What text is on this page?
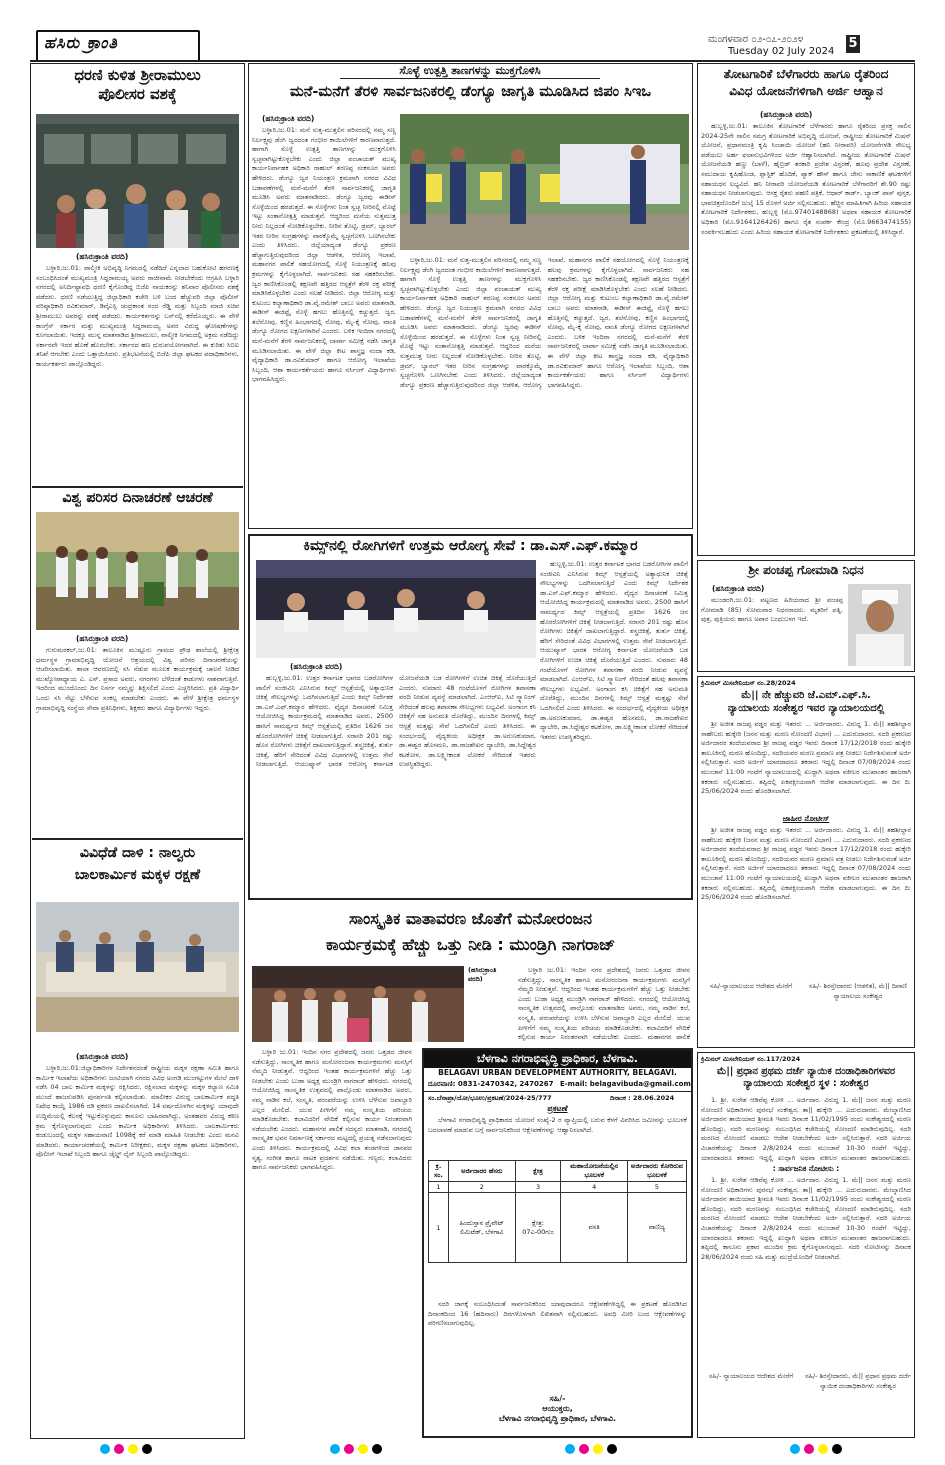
ಹಸಿರು ಕ್ರಾಂತಿ	ಮಂಗಳವಾರ ೦೨-೦೭-೨೦೨೪
Tuesday 02 July 2024
5
ಧರಣಿ ಕುಳಿತ ಶ್ರೀರಾಮುಲು
ಪೊಲೀಸರ ವಶಕ್ಕೆ
(ಹಸಿರುಕ್ರಾಂತಿ ವರದಿ)

ಬಳ್ಳಾರಿ,ಜು.01: ವಾಲ್ಮೀಕಿ ಅಭಿವೃದ್ಧಿ ನಿಗಮದಲ್ಲಿ ನಡೆದಿದೆ ಎನ್ನಲಾದ ಬಹುಕೋಟಿ ಹಗರಣಕ್ಕೆ ಸಂಬಂಧಿಸಿದಂತೆ ಮುಖ್ಯಮಂತ್ರಿ ಸಿದ್ದರಾಮಯ್ಯ ಅವರು ರಾಜೀನಾಮೆ ನೀಡಬೇಕೆಂದು ಆಗ್ರಹಿಸಿ ಬಳ್ಳಾರಿ ನಗರದಲ್ಲಿ ಅನಿರ್ದಿಷ್ಟಾವಧಿ ಧರಣಿ ಕೈಗೊಂಡಿದ್ದ ಬಿಜೆಪಿ ನಾಯಕರನ್ನು ಶನಿವಾರ ಪೊಲೀಸರು ವಶಕ್ಕೆ ಪಡೆದರು. ಧರಣಿ ನಡೆಯುತ್ತಿದ್ದ ಜಿಲ್ಲಾಧಿಕಾರಿ ಕಚೇರಿ ಬಳಿ ಬಂದ ಹೆಚ್ಚುವರಿ ಜಿಲ್ಲಾ ಪೊಲೀಸ್ ವರಿಷ್ಠಾಧಿಕಾರಿ ರವಿಕುಮಾರ್, ಡಿವೈಎಸ್ಪಿ ಚಂದ್ರಕಾಂತ ನಂದ ರೆಡ್ಡಿ ಮತ್ತು ಸಿಬ್ಬಂದಿ ಮಾಜಿ ಸಚಿವ ಶ್ರೀರಾಮುಲು ಅವರನ್ನು ವಶಕ್ಕೆ ಪಡೆದರು. ಕಾರ್ಯಕರ್ತರನ್ನು ಬಸ್‌ನಲ್ಲಿ ಕರೆದೊಯ್ದರು. ಈ ವೇಳೆ ಕಾಂಗ್ರೆಸ್ ಸರ್ಕಾರ ಮತ್ತು ಮುಖ್ಯಮಂತ್ರಿ ಸಿದ್ದರಾಮಯ್ಯ ಅವರ ವಿರುದ್ಧ ಘೋಷಣೆಗಳನ್ನು ಕೂಗಲಾಯಿತು. ಇದಕ್ಕೂ ಮುನ್ನ ಮಾತನಾಡಿದ ಶ್ರೀರಾಮುಲು, ವಾಲ್ಮೀಕಿ ನಿಗಮದಲ್ಲಿ ಅಕ್ರಮ ನಡೆದಿದ್ದು ಸರ್ಕಾರವೇ ಇದರ ಹೊಣೆ ಹೊರಬೇಕು. ಸರ್ಕಾರದ ಹಣ ದುರುಪಯೋಗವಾಗಿದೆ. ಈ ಕುರಿತು ಸಿಬಿಐ ತನಿಖೆ ಆಗಬೇಕು ಎಂದು ಒತ್ತಾಯಿಸಿದರು. ಪ್ರತಿಭಟನೆಯಲ್ಲಿ ಬಿಜೆಪಿ ಜಿಲ್ಲಾ ಘಟಕದ ಪದಾಧಿಕಾರಿಗಳು, ಕಾರ್ಯಕರ್ತರು ಪಾಲ್ಗೊಂಡಿದ್ದರು.

ವಿಶ್ವ ಪರಿಸರ ದಿನಾಚರಣೆ ಆಚರಣೆ
(ಹಸಿರುಕ್ರಾಂತಿ ವರದಿ)

ಗುರುಮಠಕಲ್,ಜು.01: ತಾಲೂಕಿನ ಮುಷ್ಟೂರು ಗ್ರಾಮದ ಪ್ರೌಢ ಶಾಲೆಯಲ್ಲಿ ಶ್ರೀಕ್ಷೇತ್ರ ಧರ್ಮಸ್ಥಳ ಗ್ರಾಮಾಭಿವೃದ್ಧಿ ಯೋಜನೆ ಆಶ್ರಯದಲ್ಲಿ ವಿಶ್ವ ಪರಿಸರ ದಿನಾಚರಣೆಯನ್ನು ಆಚರಿಸಲಾಯಿತು. ಶಾಲಾ ಆವರಣದಲ್ಲಿ ಸಸಿ ನೆಡುವ ಮೂಲಕ ಕಾರ್ಯಕ್ರಮಕ್ಕೆ ಚಾಲನೆ ನೀಡಿದ ಮುಖ್ಯೋಪಾಧ್ಯಾಯ ಎ. ಎಸ್. ಪ್ರಸಾದ ಅವರು, ನಗರಗಳು ಬೆಳೆದಂತೆ ಕಾಡುಗಳು ನಾಶವಾಗುತ್ತಿವೆ. ಇದರಿಂದ ಮುಂದೊಂದು ದಿನ ನಿಸರ್ಗ ನಮ್ಮನ್ನು ಶಿಕ್ಷಿಸಲಿದೆ ಎಂದು ಎಚ್ಚರಿಸಿದರು. ಪ್ರತಿ ವಿದ್ಯಾರ್ಥಿ ಒಂದು ಸಸಿ ನೆಟ್ಟು ಬೆಳೆಸುವ ಸಂಕಲ್ಪ ಮಾಡಬೇಕು ಎಂದರು. ಈ ವೇಳೆ ಶ್ರೀಕ್ಷೇತ್ರ ಧರ್ಮಸ್ಥಳ ಗ್ರಾಮಾಭಿವೃದ್ಧಿ ಸಂಸ್ಥೆಯ ಸೇವಾ ಪ್ರತಿನಿಧಿಗಳು, ಶಿಕ್ಷಕರು ಹಾಗೂ ವಿದ್ಯಾರ್ಥಿಗಳು ಇದ್ದರು.

ವಿವಿಧೆಡೆ ದಾಳಿ : ನಾಲ್ವರು
ಬಾಲಕಾರ್ಮಿಕ ಮಕ್ಕಳ ರಕ್ಷಣೆ
(ಹಸಿರುಕ್ರಾಂತಿ ವರದಿ)

ಬಳ್ಳಾರಿ,ಜು.01:ಜಿಲ್ಲಾಧಿಕಾರಿಗಳ ನಿರ್ದೇಶನದಂತೆ ರಾಷ್ಟ್ರೀಯ ಮಕ್ಕಳ ರಕ್ಷಣಾ ಸಮಿತಿ ಹಾಗೂ ಕಾರ್ಮಿಕ ಇಲಾಖೆಯ ಅಧಿಕಾರಿಗಳು ಜಂಟಿಯಾಗಿ ನಗರದ ವಿವಿಧ ಅಂಗಡಿ ಮುಂಗಟ್ಟುಗಳ ಮೇಲೆ ದಾಳಿ ನಡೆಸಿ 04 ಬಾಲ ಕಾರ್ಮಿಕ ಮಕ್ಕಳನ್ನು ರಕ್ಷಿಸಿದರು. ರಕ್ಷಿಸಲಾದ ಮಕ್ಕಳನ್ನು ಮಕ್ಕಳ ಕಲ್ಯಾಣ ಸಮಿತಿ ಮುಂದೆ ಹಾಜರುಪಡಿಸಿ ಪುನರ್ವಸತಿ ಕಲ್ಪಿಸಲಾಯಿತು. ಮಾಲೀಕರ ವಿರುದ್ಧ ಬಾಲಕಾರ್ಮಿಕ ಪದ್ಧತಿ ನಿಷೇಧ ಕಾಯ್ದೆ 1986 ರಡಿ ಪ್ರಕರಣ ದಾಖಲಿಸಲಾಗಿದೆ. 14 ವರ್ಷದೊಳಗಿನ ಮಕ್ಕಳನ್ನು ಯಾವುದೇ ಉದ್ದಿಮೆಯಲ್ಲಿ ಕೆಲಸಕ್ಕೆ ಇಟ್ಟುಕೊಳ್ಳುವುದು ಕಾನೂನು ಬಾಹಿರವಾಗಿದ್ದು, ಅಂತಹವರ ವಿರುದ್ಧ ಕಠಿಣ ಕ್ರಮ ಕೈಗೊಳ್ಳಲಾಗುವುದು ಎಂದು ಕಾರ್ಮಿಕ ಅಧಿಕಾರಿಗಳು ತಿಳಿಸಿದರು. ಬಾಲಕಾರ್ಮಿಕರು ಕಂಡುಬಂದಲ್ಲಿ ಮಕ್ಕಳ ಸಹಾಯವಾಣಿ 1098ಕ್ಕೆ ಕರೆ ಮಾಡಿ ಮಾಹಿತಿ ನೀಡಬೇಕು ಎಂದು ಮನವಿ ಮಾಡಿದರು. ಕಾರ್ಯಾಚರಣೆಯಲ್ಲಿ ಕಾರ್ಮಿಕ ನಿರೀಕ್ಷಕರು, ಮಕ್ಕಳ ರಕ್ಷಣಾ ಘಟಕದ ಅಧಿಕಾರಿಗಳು, ಪೊಲೀಸ್ ಇಲಾಖೆ ಸಿಬ್ಬಂದಿ ಹಾಗೂ ಚೈಲ್ಡ್ ಲೈನ್ ಸಿಬ್ಬಂದಿ ಪಾಲ್ಗೊಂಡಿದ್ದರು.

ಸೊಳ್ಳೆ ಉತ್ಪತ್ತಿ ತಾಣಗಳನ್ನು ಮುಕ್ತಗೊಳಿಸಿ
ಮನೆ-ಮನೆಗೆ ತೆರಳಿ ಸಾರ್ವಜನಿಕರಲ್ಲಿ ಡೆಂಗ್ಯೂ ಜಾಗೃತಿ ಮೂಡಿಸಿದ ಜಿಪಂ ಸಿಇಒ
(ಹಸಿರುಕ್ರಾಂತಿ ವರದಿ)

ಬಳ್ಳಾರಿ,ಜು.01: ಮನೆ ಸುತ್ತ-ಮುತ್ತಲಿನ ಪರಿಸರದಲ್ಲಿ ನಮ್ಮ ಸಣ್ಣ ನಿರ್ಲಕ್ಷ್ಯವು ಡೆಂಗಿ ಜ್ವರದಂತ ಗಂಭೀರ ಕಾಯಿಲೆಗಳಿಗೆ ಕಾರಣವಾಗುತ್ತದೆ. ಹಾಗಾಗಿ ಸೊಳ್ಳೆ ಉತ್ಪತ್ತಿ ತಾಣಗಳನ್ನು ಮುಕ್ತಗೊಳಿಸಿ ಸ್ವಚ್ಛವಾಗಿಟ್ಟುಕೊಳ್ಳಬೇಕು ಎಂದು ಜಿಲ್ಲಾ ಪಂಚಾಯತ್ ಮುಖ್ಯ ಕಾರ್ಯನಿರ್ವಾಹಕ ಅಧಿಕಾರಿ ರಾಹುಲ್ ಶರಣಪ್ಪ ಸಂಕನೂರ ಅವರು ಹೇಳಿದರು. ಡೆಂಗ್ಯೂ ಜ್ವರ ನಿಯಂತ್ರಣ ಕ್ರಮವಾಗಿ ನಗರದ ವಿವಿಧ ಬಡಾವಣೆಗಳಲ್ಲಿ ಮನೆ-ಮನೆಗೆ ತೆರಳಿ ಸಾರ್ವಜನಿಕರಲ್ಲಿ ಜಾಗೃತಿ ಮೂಡಿಸಿ ಅವರು ಮಾತನಾಡಿದರು. ಡೆಂಗ್ಯೂ ಜ್ವರವು ಈಡೀಸ್ ಸೊಳ್ಳೆಯಿಂದ ಹರಡುತ್ತದೆ. ಈ ಸೊಳ್ಳೆಗಳು ನಿಂತ ಸ್ವಚ್ಛ ನೀರಿನಲ್ಲಿ ಮೊಟ್ಟೆ ಇಟ್ಟು ಸಂತಾನೋತ್ಪತ್ತಿ ಮಾಡುತ್ತವೆ. ಆದ್ದರಿಂದ ಮನೆಯ ಸುತ್ತಮುತ್ತ ನೀರು ನಿಲ್ಲದಂತೆ ನೋಡಿಕೊಳ್ಳಬೇಕು. ನೀರಿನ ತೊಟ್ಟಿ, ಡ್ರಮ್, ಬ್ಯಾರಲ್ ಇತರ ನೀರಿನ ಸಂಗ್ರಹಗಳನ್ನು ವಾರಕ್ಕೊಮ್ಮೆ ಸ್ವಚ್ಛಗೊಳಿಸಿ ಒಣಗಿಸಬೇಕು ಎಂದು ತಿಳಿಸಿದರು. ಜಿಲ್ಲೆಯಾದ್ಯಂತ ಡೆಂಗ್ಯೂ ಪ್ರಕರಣ ಹೆಚ್ಚಾಗುತ್ತಿರುವುದರಿಂದ ಜಿಲ್ಲಾ ಆಡಳಿತ, ಆರೋಗ್ಯ ಇಲಾಖೆ, ಮಹಾನಗರ ಪಾಲಿಕೆ ಸಹಯೋಗದಲ್ಲಿ ಸೊಳ್ಳೆ ನಿಯಂತ್ರಣಕ್ಕೆ ಹಲವು ಕ್ರಮಗಳನ್ನು ಕೈಗೊಳ್ಳಲಾಗಿದೆ. ಸಾರ್ವಜನಿಕರು ಸಹ ಸಹಕರಿಸಬೇಕು. ಜ್ವರ ಕಾಣಿಸಿಕೊಂಡಲ್ಲಿ ತಕ್ಷಣವೇ ಹತ್ತಿರದ ಆಸ್ಪತ್ರೆಗೆ ತೆರಳಿ ರಕ್ತ ಪರೀಕ್ಷೆ ಮಾಡಿಸಿಕೊಳ್ಳಬೇಕು ಎಂದು ಸಲಹೆ ನೀಡಿದರು. ಜಿಲ್ಲಾ ಆರೋಗ್ಯ ಮತ್ತು ಕುಟುಂಬ ಕಲ್ಯಾಣಾಧಿಕಾರಿ ಡಾ.ವೈ.ರಮೇಶ್ ಬಾಬು ಅವರು ಮಾತನಾಡಿ, ಈಡೀಸ್ ಈಜಿಪ್ಟೈ ಸೊಳ್ಳೆ ಹಗಲು ಹೊತ್ತಿನಲ್ಲಿ ಕಚ್ಚುತ್ತದೆ. ಜ್ವರ, ತಲೆನೋವು, ಕಣ್ಣಿನ ಹಿಂಭಾಗದಲ್ಲಿ ನೋವು, ಮೈ-ಕೈ ನೋವು, ವಾಂತಿ ಡೆಂಗ್ಯೂ ರೋಗದ ಲಕ್ಷಣಗಳಾಗಿವೆ ಎಂದರು. ಬಳಿಕ ಇಂದಿರಾ ನಗರದಲ್ಲಿ ಮನೆ-ಮನೆಗೆ ತೆರಳಿ ಸಾರ್ವಜನಿಕರಲ್ಲಿ ಲಾರ್ವಾ ಸಮೀಕ್ಷೆ ನಡೆಸಿ ಜಾಗೃತಿ ಮೂಡಿಸಲಾಯಿತು. ಈ ವೇಳೆ ಜಿಲ್ಲಾ ಕೀಟ ಶಾಸ್ತ್ರಜ್ಞ ನಂದಾ ಕಡಿ, ವೈದ್ಯಾಧಿಕಾರಿ ಡಾ.ರವಿಕುಮಾರ್ ಹಾಗೂ ಆರೋಗ್ಯ ಇಲಾಖೆಯ ಸಿಬ್ಬಂದಿ, ಆಶಾ ಕಾರ್ಯಕರ್ತೆಯರು ಹಾಗೂ ನರ್ಸಿಂಗ್ ವಿದ್ಯಾರ್ಥಿಗಳು ಭಾಗವಹಿಸಿದ್ದರು.

ಬಳ್ಳಾರಿ,ಜು.01: ಮನೆ ಸುತ್ತ-ಮುತ್ತಲಿನ ಪರಿಸರದಲ್ಲಿ ನಮ್ಮ ಸಣ್ಣ ನಿರ್ಲಕ್ಷ್ಯವು ಡೆಂಗಿ ಜ್ವರದಂತ ಗಂಭೀರ ಕಾಯಿಲೆಗಳಿಗೆ ಕಾರಣವಾಗುತ್ತದೆ. ಹಾಗಾಗಿ ಸೊಳ್ಳೆ ಉತ್ಪತ್ತಿ ತಾಣಗಳನ್ನು ಮುಕ್ತಗೊಳಿಸಿ ಸ್ವಚ್ಛವಾಗಿಟ್ಟುಕೊಳ್ಳಬೇಕು ಎಂದು ಜಿಲ್ಲಾ ಪಂಚಾಯತ್ ಮುಖ್ಯ ಕಾರ್ಯನಿರ್ವಾಹಕ ಅಧಿಕಾರಿ ರಾಹುಲ್ ಶರಣಪ್ಪ ಸಂಕನೂರ ಅವರು ಹೇಳಿದರು. ಡೆಂಗ್ಯೂ ಜ್ವರ ನಿಯಂತ್ರಣ ಕ್ರಮವಾಗಿ ನಗರದ ವಿವಿಧ ಬಡಾವಣೆಗಳಲ್ಲಿ ಮನೆ-ಮನೆಗೆ ತೆರಳಿ ಸಾರ್ವಜನಿಕರಲ್ಲಿ ಜಾಗೃತಿ ಮೂಡಿಸಿ ಅವರು ಮಾತನಾಡಿದರು. ಡೆಂಗ್ಯೂ ಜ್ವರವು ಈಡೀಸ್ ಸೊಳ್ಳೆಯಿಂದ ಹರಡುತ್ತದೆ. ಈ ಸೊಳ್ಳೆಗಳು ನಿಂತ ಸ್ವಚ್ಛ ನೀರಿನಲ್ಲಿ ಮೊಟ್ಟೆ ಇಟ್ಟು ಸಂತಾನೋತ್ಪತ್ತಿ ಮಾಡುತ್ತವೆ. ಆದ್ದರಿಂದ ಮನೆಯ ಸುತ್ತಮುತ್ತ ನೀರು ನಿಲ್ಲದಂತೆ ನೋಡಿಕೊಳ್ಳಬೇಕು. ನೀರಿನ ತೊಟ್ಟಿ, ಡ್ರಮ್, ಬ್ಯಾರಲ್ ಇತರ ನೀರಿನ ಸಂಗ್ರಹಗಳನ್ನು ವಾರಕ್ಕೊಮ್ಮೆ ಸ್ವಚ್ಛಗೊಳಿಸಿ ಒಣಗಿಸಬೇಕು ಎಂದು ತಿಳಿಸಿದರು. ಜಿಲ್ಲೆಯಾದ್ಯಂತ ಡೆಂಗ್ಯೂ ಪ್ರಕರಣ ಹೆಚ್ಚಾಗುತ್ತಿರುವುದರಿಂದ ಜಿಲ್ಲಾ ಆಡಳಿತ, ಆರೋಗ್ಯ ಇಲಾಖೆ, ಮಹಾನಗರ ಪಾಲಿಕೆ ಸಹಯೋಗದಲ್ಲಿ ಸೊಳ್ಳೆ ನಿಯಂತ್ರಣಕ್ಕೆ ಹಲವು ಕ್ರಮಗಳನ್ನು ಕೈಗೊಳ್ಳಲಾಗಿದೆ. ಸಾರ್ವಜನಿಕರು ಸಹ ಸಹಕರಿಸಬೇಕು. ಜ್ವರ ಕಾಣಿಸಿಕೊಂಡಲ್ಲಿ ತಕ್ಷಣವೇ ಹತ್ತಿರದ ಆಸ್ಪತ್ರೆಗೆ ತೆರಳಿ ರಕ್ತ ಪರೀಕ್ಷೆ ಮಾಡಿಸಿಕೊಳ್ಳಬೇಕು ಎಂದು ಸಲಹೆ ನೀಡಿದರು. ಜಿಲ್ಲಾ ಆರೋಗ್ಯ ಮತ್ತು ಕುಟುಂಬ ಕಲ್ಯಾಣಾಧಿಕಾರಿ ಡಾ.ವೈ.ರಮೇಶ್ ಬಾಬು ಅವರು ಮಾತನಾಡಿ, ಈಡೀಸ್ ಈಜಿಪ್ಟೈ ಸೊಳ್ಳೆ ಹಗಲು ಹೊತ್ತಿನಲ್ಲಿ ಕಚ್ಚುತ್ತದೆ. ಜ್ವರ, ತಲೆನೋವು, ಕಣ್ಣಿನ ಹಿಂಭಾಗದಲ್ಲಿ ನೋವು, ಮೈ-ಕೈ ನೋವು, ವಾಂತಿ ಡೆಂಗ್ಯೂ ರೋಗದ ಲಕ್ಷಣಗಳಾಗಿವೆ ಎಂದರು. ಬಳಿಕ ಇಂದಿರಾ ನಗರದಲ್ಲಿ ಮನೆ-ಮನೆಗೆ ತೆರಳಿ ಸಾರ್ವಜನಿಕರಲ್ಲಿ ಲಾರ್ವಾ ಸಮೀಕ್ಷೆ ನಡೆಸಿ ಜಾಗೃತಿ ಮೂಡಿಸಲಾಯಿತು. ಈ ವೇಳೆ ಜಿಲ್ಲಾ ಕೀಟ ಶಾಸ್ತ್ರಜ್ಞ ನಂದಾ ಕಡಿ, ವೈದ್ಯಾಧಿಕಾರಿ ಡಾ.ರವಿಕುಮಾರ್ ಹಾಗೂ ಆರೋಗ್ಯ ಇಲಾಖೆಯ ಸಿಬ್ಬಂದಿ, ಆಶಾ ಕಾರ್ಯಕರ್ತೆಯರು ಹಾಗೂ ನರ್ಸಿಂಗ್ ವಿದ್ಯಾರ್ಥಿಗಳು ಭಾಗವಹಿಸಿದ್ದರು.

ಕಿಮ್ಸ್‌ನಲ್ಲಿ ರೋಗಿಗಳಿಗೆ ಉತ್ತಮ ಆರೋಗ್ಯ ಸೇವೆ : ಡಾ.ಎಸ್.ಎಫ್.ಕಮ್ಮಾರ
(ಹಸಿರುಕ್ರಾಂತಿ ವರದಿ)

ಹುಬ್ಬಳ್ಳಿ,ಜು.01: ಉತ್ತರ ಕರ್ನಾಟಕ ಭಾಗದ ಬಡರೋಗಿಗಳ ಪಾಲಿಗೆ ಸಂಜೀವಿನಿ ಎನಿಸಿರುವ ಕಿಮ್ಸ್ ಆಸ್ಪತ್ರೆಯಲ್ಲಿ ಅತ್ಯಾಧುನಿಕ ಚಿಕಿತ್ಸೆ ಸೌಲಭ್ಯಗಳನ್ನು ಒದಗಿಸಲಾಗುತ್ತಿದೆ ಎಂದು ಕಿಮ್ಸ್ ನಿರ್ದೇಶಕ ಡಾ.ಎಸ್.ಎಫ್.ಕಮ್ಮಾರ ಹೇಳಿದರು. ವೈದ್ಯರ ದಿನಾಚರಣೆ ನಿಮಿತ್ತ ಆಯೋಜಿಸಿದ್ದ ಕಾರ್ಯಕ್ರಮದಲ್ಲಿ ಮಾತನಾಡಿದ ಅವರು, 2500 ಹಾಸಿಗೆ ಸಾಮರ್ಥ್ಯದ ಕಿಮ್ಸ್ ಆಸ್ಪತ್ರೆಯಲ್ಲಿ ಪ್ರತಿದಿನ 1626 ಜನ ಹೊರರೋಗಿಗಳಿಗೆ ಚಿಕಿತ್ಸೆ ನೀಡಲಾಗುತ್ತಿದೆ. ಸರಾಸರಿ 201 ರಷ್ಟು ಹೊಸ ರೋಗಿಗಳು ಚಿಕಿತ್ಸೆಗೆ ದಾಖಲಾಗುತ್ತಿದ್ದಾರೆ. ಶಸ್ತ್ರಚಿಕಿತ್ಸೆ, ತುರ್ತು ಚಿಕಿತ್ಸೆ, ಹೆರಿಗೆ ಸೇರಿದಂತೆ ವಿವಿಧ ವಿಭಾಗಗಳಲ್ಲಿ ಉತ್ತಮ ಸೇವೆ ನೀಡಲಾಗುತ್ತಿದೆ. ಆಯುಷ್ಮಾನ್ ಭಾರತ ಆರೋಗ್ಯ ಕರ್ನಾಟಕ ಯೋಜನೆಯಡಿ ಬಡ ರೋಗಿಗಳಿಗೆ ಉಚಿತ ಚಿಕಿತ್ಸೆ ದೊರೆಯುತ್ತಿದೆ ಎಂದರು. ಸುಮಾರು 48 ಗಂಟೆಯೊಳಗೆ ರೋಗಿಗಳ ತಪಾಸಣಾ ವರದಿ ನೀಡುವ ವ್ಯವಸ್ಥೆ ಮಾಡಲಾಗಿದೆ. ಎಂಆರ್‌ಐ, ಸಿಟಿ ಸ್ಕ್ಯಾನಿಂಗ್ ಸೇರಿದಂತೆ ಹಲವು ತಪಾಸಣಾ ಸೌಲಭ್ಯಗಳು ಲಭ್ಯವಿವೆ. ಅಂಗಾಂಗ ಕಸಿ ಚಿಕಿತ್ಸೆಗೆ ಸಹ ಅನುಮತಿ ದೊರೆತಿದ್ದು, ಮುಂದಿನ ದಿನಗಳಲ್ಲಿ ಕಿಮ್ಸ್ ಆಸ್ಪತ್ರೆ ಮತ್ತಷ್ಟು ಸೇವೆ ಒದಗಿಸಲಿದೆ ಎಂದು ತಿಳಿಸಿದರು. ಈ ಸಂದರ್ಭದಲ್ಲಿ ವೈದ್ಯಕೀಯ ಅಧೀಕ್ಷಕ ಡಾ.ಅರುಣಕುಮಾರ, ಡಾ.ಈಶ್ವರ ಹೊಸಮನಿ, ಡಾ.ರಾಜಶೇಖರ ದ್ಯಾಬೇರಿ, ಡಾ.ಸಿದ್ದೇಶ್ವರ ಕಟಕೋಳ, ಡಾ.ಲಕ್ಷ್ಮೀಕಾಂತ ಲೋಕರೆ ಸೇರಿದಂತೆ ಇತರರು ಉಪಸ್ಥಿತರಿದ್ದರು.

ಹುಬ್ಬಳ್ಳಿ,ಜು.01: ಉತ್ತರ ಕರ್ನಾಟಕ ಭಾಗದ ಬಡರೋಗಿಗಳ ಪಾಲಿಗೆ ಸಂಜೀವಿನಿ ಎನಿಸಿರುವ ಕಿಮ್ಸ್ ಆಸ್ಪತ್ರೆಯಲ್ಲಿ ಅತ್ಯಾಧುನಿಕ ಚಿಕಿತ್ಸೆ ಸೌಲಭ್ಯಗಳನ್ನು ಒದಗಿಸಲಾಗುತ್ತಿದೆ ಎಂದು ಕಿಮ್ಸ್ ನಿರ್ದೇಶಕ ಡಾ.ಎಸ್.ಎಫ್.ಕಮ್ಮಾರ ಹೇಳಿದರು. ವೈದ್ಯರ ದಿನಾಚರಣೆ ನಿಮಿತ್ತ ಆಯೋಜಿಸಿದ್ದ ಕಾರ್ಯಕ್ರಮದಲ್ಲಿ ಮಾತನಾಡಿದ ಅವರು, 2500 ಹಾಸಿಗೆ ಸಾಮರ್ಥ್ಯದ ಕಿಮ್ಸ್ ಆಸ್ಪತ್ರೆಯಲ್ಲಿ ಪ್ರತಿದಿನ 1626 ಜನ ಹೊರರೋಗಿಗಳಿಗೆ ಚಿಕಿತ್ಸೆ ನೀಡಲಾಗುತ್ತಿದೆ. ಸರಾಸರಿ 201 ರಷ್ಟು ಹೊಸ ರೋಗಿಗಳು ಚಿಕಿತ್ಸೆಗೆ ದಾಖಲಾಗುತ್ತಿದ್ದಾರೆ. ಶಸ್ತ್ರಚಿಕಿತ್ಸೆ, ತುರ್ತು ಚಿಕಿತ್ಸೆ, ಹೆರಿಗೆ ಸೇರಿದಂತೆ ವಿವಿಧ ವಿಭಾಗಗಳಲ್ಲಿ ಉತ್ತಮ ಸೇವೆ ನೀಡಲಾಗುತ್ತಿದೆ. ಆಯುಷ್ಮಾನ್ ಭಾರತ ಆರೋಗ್ಯ ಕರ್ನಾಟಕ ಯೋಜನೆಯಡಿ ಬಡ ರೋಗಿಗಳಿಗೆ ಉಚಿತ ಚಿಕಿತ್ಸೆ ದೊರೆಯುತ್ತಿದೆ ಎಂದರು. ಸುಮಾರು 48 ಗಂಟೆಯೊಳಗೆ ರೋಗಿಗಳ ತಪಾಸಣಾ ವರದಿ ನೀಡುವ ವ್ಯವಸ್ಥೆ ಮಾಡಲಾಗಿದೆ. ಎಂಆರ್‌ಐ, ಸಿಟಿ ಸ್ಕ್ಯಾನಿಂಗ್ ಸೇರಿದಂತೆ ಹಲವು ತಪಾಸಣಾ ಸೌಲಭ್ಯಗಳು ಲಭ್ಯವಿವೆ. ಅಂಗಾಂಗ ಕಸಿ ಚಿಕಿತ್ಸೆಗೆ ಸಹ ಅನುಮತಿ ದೊರೆತಿದ್ದು, ಮುಂದಿನ ದಿನಗಳಲ್ಲಿ ಕಿಮ್ಸ್ ಆಸ್ಪತ್ರೆ ಮತ್ತಷ್ಟು ಸೇವೆ ಒದಗಿಸಲಿದೆ ಎಂದು ತಿಳಿಸಿದರು. ಈ ಸಂದರ್ಭದಲ್ಲಿ ವೈದ್ಯಕೀಯ ಅಧೀಕ್ಷಕ ಡಾ.ಅರುಣಕುಮಾರ, ಡಾ.ಈಶ್ವರ ಹೊಸಮನಿ, ಡಾ.ರಾಜಶೇಖರ ದ್ಯಾಬೇರಿ, ಡಾ.ಸಿದ್ದೇಶ್ವರ ಕಟಕೋಳ, ಡಾ.ಲಕ್ಷ್ಮೀಕಾಂತ ಲೋಕರೆ ಸೇರಿದಂತೆ ಇತರರು ಉಪಸ್ಥಿತರಿದ್ದರು.

ಸಾಂಸ್ಕೃತಿಕ ವಾತಾವರಣ ಜೊತೆಗೆ ಮನೋರಂಜನ
ಕಾರ್ಯಕ್ರಮಕ್ಕೆ ಹೆಚ್ಚು ಒತ್ತು ನೀಡಿ : ಮುಂಡ್ರಿಗಿ ನಾಗರಾಜ್
(ಹಸಿರುಕ್ರಾಂತಿ ವರದಿ)

ಬಳ್ಳಾರಿ ಜು.01: ಇಂದಿನ ನಗರ ಪ್ರದೇಶದಲ್ಲಿ ಜನರು ಒತ್ತಡದ ಜೀವನ ನಡೆಸುತ್ತಿದ್ದು, ಸಾಂಸ್ಕೃತಿಕ ಹಾಗೂ ಮನೋರಂಜನಾ ಕಾರ್ಯಕ್ರಮಗಳು ಮನಸ್ಸಿಗೆ ನೆಮ್ಮದಿ ನೀಡುತ್ತವೆ. ಆದ್ದರಿಂದ ಇಂತಹ ಕಾರ್ಯಕ್ರಮಗಳಿಗೆ ಹೆಚ್ಚು ಒತ್ತು ನೀಡಬೇಕು ಎಂದು ಬುಡಾ ಅಧ್ಯಕ್ಷ ಮುಂಡ್ರಿಗಿ ನಾಗರಾಜ್ ಹೇಳಿದರು. ನಗರದಲ್ಲಿ ಆಯೋಜಿಸಿದ್ದ ಸಾಂಸ್ಕೃತಿಕ ಉತ್ಸವದಲ್ಲಿ ಪಾಲ್ಗೊಂಡು ಮಾತನಾಡಿದ ಅವರು, ನಮ್ಮ ನಾಡಿನ ಕಲೆ, ಸಂಸ್ಕೃತಿ, ಪರಂಪರೆಯನ್ನು ಉಳಿಸಿ ಬೆಳೆಸುವ ಜವಾಬ್ದಾರಿ ಎಲ್ಲರ ಮೇಲಿದೆ. ಯುವ ಪೀಳಿಗೆಗೆ ನಮ್ಮ ಸಂಸ್ಕೃತಿಯ ಪರಿಚಯ ಮಾಡಿಕೊಡಬೇಕು. ಕಲಾವಿದರಿಗೆ ವೇದಿಕೆ ಕಲ್ಪಿಸುವ ಕಾರ್ಯ ನಿರಂತರವಾಗಿ ನಡೆಯಬೇಕು ಎಂದರು. ಮಹಾನಗರ ಪಾಲಿಕೆ

ಬಳ್ಳಾರಿ ಜು.01: ಇಂದಿನ ನಗರ ಪ್ರದೇಶದಲ್ಲಿ ಜನರು ಒತ್ತಡದ ಜೀವನ ನಡೆಸುತ್ತಿದ್ದು, ಸಾಂಸ್ಕೃತಿಕ ಹಾಗೂ ಮನೋರಂಜನಾ ಕಾರ್ಯಕ್ರಮಗಳು ಮನಸ್ಸಿಗೆ ನೆಮ್ಮದಿ ನೀಡುತ್ತವೆ. ಆದ್ದರಿಂದ ಇಂತಹ ಕಾರ್ಯಕ್ರಮಗಳಿಗೆ ಹೆಚ್ಚು ಒತ್ತು ನೀಡಬೇಕು ಎಂದು ಬುಡಾ ಅಧ್ಯಕ್ಷ ಮುಂಡ್ರಿಗಿ ನಾಗರಾಜ್ ಹೇಳಿದರು. ನಗರದಲ್ಲಿ ಆಯೋಜಿಸಿದ್ದ ಸಾಂಸ್ಕೃತಿಕ ಉತ್ಸವದಲ್ಲಿ ಪಾಲ್ಗೊಂಡು ಮಾತನಾಡಿದ ಅವರು, ನಮ್ಮ ನಾಡಿನ ಕಲೆ, ಸಂಸ್ಕೃತಿ, ಪರಂಪರೆಯನ್ನು ಉಳಿಸಿ ಬೆಳೆಸುವ ಜವಾಬ್ದಾರಿ ಎಲ್ಲರ ಮೇಲಿದೆ. ಯುವ ಪೀಳಿಗೆಗೆ ನಮ್ಮ ಸಂಸ್ಕೃತಿಯ ಪರಿಚಯ ಮಾಡಿಕೊಡಬೇಕು. ಕಲಾವಿದರಿಗೆ ವೇದಿಕೆ ಕಲ್ಪಿಸುವ ಕಾರ್ಯ ನಿರಂತರವಾಗಿ ನಡೆಯಬೇಕು ಎಂದರು. ಮಹಾನಗರ ಪಾಲಿಕೆ ಸದಸ್ಯರು ಮಾತನಾಡಿ, ನಗರದಲ್ಲಿ ಸಾಂಸ್ಕೃತಿಕ ಭವನ ನಿರ್ಮಾಣಕ್ಕೆ ಸರ್ಕಾರದ ಮಟ್ಟದಲ್ಲಿ ಪ್ರಯತ್ನ ನಡೆಸಲಾಗುವುದು ಎಂದು ತಿಳಿಸಿದರು. ಕಾರ್ಯಕ್ರಮದಲ್ಲಿ ವಿವಿಧ ಕಲಾ ತಂಡಗಳಿಂದ ಜಾನಪದ ನೃತ್ಯ, ಸಂಗೀತ ಹಾಗೂ ನಾಟಕ ಪ್ರದರ್ಶನ ನಡೆಯಿತು. ಗಣ್ಯರು, ಕಲಾವಿದರು ಹಾಗೂ ಸಾರ್ವಜನಿಕರು ಭಾಗವಹಿಸಿದ್ದರು.

ಬೆಳಗಾವಿ ನಗರಾಭಿವೃದ್ಧಿ ಪ್ರಾಧಿಕಾರ, ಬೆಳಗಾವಿ.
BELAGAVI URBAN DEVELOPMENT AUTHORITY, BELAGAVI.
ದೂರವಾಣಿ: 0831-2470342, 2470267 E-mail: belagavibuda@gmail.com
ಸಂ.ಬೆನಾಪ್ರಾ/ಯೋ/ಭೂಉ/ಪ್ರಕಟಣೆ/2024-25/777	ದಿನಾಂಕ : 28.06.2024
ಪ್ರಕಟಣೆ

ಬೆಳಗಾವಿ ನಗರಾಭಿವೃದ್ಧಿ ಪ್ರಾಧಿಕಾರದ ಯೋಜನೆ ಸಂಖ್ಯೆ-2 ರ ವ್ಯಾಪ್ತಿಯಲ್ಲಿ ಬರುವ ಕೆಳಗೆ ವಿವರಿಸಿದ ಜಮೀನನ್ನು ಭೂಬಳಕೆ ಬದಲಾವಣೆ ಮಾಡುವ ಬಗ್ಗೆ ಸಾರ್ವಜನಿಕರಿಂದ ಆಕ್ಷೇಪಣೆಗಳನ್ನು ಆಹ್ವಾನಿಸಲಾಗಿದೆ.

ಕ್ರ. ಸಂ.	ಅರ್ಜಿದಾರರ ಹೆಸರು	ಕ್ಷೇತ್ರ	ಮಹಾಯೋಜನೆಯಲ್ಲಿನ ಭೂಬಳಕೆ	ಅರ್ಜಿದಾರರು ಕೋರಿರುವ ಭೂಬಳಕೆ
1	2	3	4	5
1	ಹಿಂದುಸ್ತಾನ ಪ್ರೈವೇಟ್ ಲಿಮಿಟೆಡ್, ಬೆಳಗಾವಿ	ಕ್ಷೇತ್ರ: 07ಎ-00ಗುಂ	ವಸತಿ	ವಾಣಿಜ್ಯ

ಸದರಿ ಜಾಗಕ್ಕೆ ಸಂಬಂಧಿಸಿದಂತೆ ಸಾರ್ವಜನಿಕರಿಂದ ಯಾವುದಾದರೂ ಆಕ್ಷೇಪಣೆಗಳಿದ್ದಲ್ಲಿ ಈ ಪ್ರಕಟಣೆ ಹೊರಡಿಸಿದ ದಿನಾಂಕದಿಂದ 16 (ಹದಿನಾರು) ದಿನಗಳೊಳಗಾಗಿ ಲಿಖಿತವಾಗಿ ಸಲ್ಲಿಸಬಹುದು. ಅವಧಿ ಮೀರಿ ಬಂದ ಆಕ್ಷೇಪಣೆಗಳನ್ನು ಪರಿಗಣಿಸಲಾಗುವುದಿಲ್ಲ.

ಸಹಿ/-
ಆಯುಕ್ತರು,
ಬೆಳಗಾವಿ ನಗರಾಭಿವೃದ್ಧಿ ಪ್ರಾಧಿಕಾರ, ಬೆಳಗಾವಿ.
ತೋಟಗಾರಿಕೆ ಬೆಳೆಗಾರರು ಹಾಗೂ ರೈತರಿಂದ
ವಿವಿಧ ಯೋಜನೆಗಳಿಗಾಗಿ ಅರ್ಜಿ ಆಹ್ವಾನ
(ಹಸಿರುಕ್ರಾಂತಿ ವರದಿ)

ಹುಬ್ಬಳ್ಳಿ,ಜು.01: ತಾಲೂಕಿನ ತೋಟಗಾರಿಕೆ ಬೆಳೆಗಾರರು ಹಾಗೂ ರೈತರಿಂದ ಪ್ರಸಕ್ತ ಸಾಲಿನ 2024-25ನೇ ಸಾಲಿನ ಸಮಗ್ರ ತೋಟಗಾರಿಕೆ ಅಭಿವೃದ್ಧಿ ಯೋಜನೆ, ರಾಷ್ಟ್ರೀಯ ತೋಟಗಾರಿಕೆ ಮಿಷನ್ ಯೋಜನೆ, ಪ್ರಧಾನಮಂತ್ರಿ ಕೃಷಿ ಸಿಂಚಾಯಿ ಯೋಜನೆ (ಹನಿ ನೀರಾವರಿ) ಯೋಜನೆಗಳಡಿ ಸೌಲಭ್ಯ ಪಡೆಯಲು ಅರ್ಹ ಫಲಾನುಭವಿಗಳಿಂದ ಅರ್ಜಿ ಆಹ್ವಾನಿಸಲಾಗಿದೆ. ರಾಷ್ಟ್ರೀಯ ತೋಟಗಾರಿಕೆ ಮಿಷನ್ ಯೋಜನೆಯಡಿ ಹಣ್ಣು (ಬಾಳೆ), ಹೈಬ್ರಿಡ್ ತರಕಾರಿ ಪ್ರದೇಶ ವಿಸ್ತರಣೆ, ಹೂವು ಪ್ರದೇಶ ವಿಸ್ತರಣೆ, ಸಮುದಾಯ ಕೃಷಿಹೊಂಡ, ಪ್ಲಾಸ್ಟಿಕ್ ಹೊದಿಕೆ, ಪ್ಯಾಕ್ ಹೌಸ್ ಹಾಗೂ ಜೇನು ಸಾಕಾಣಿಕೆ ಘಟಕಗಳಿಗೆ ಸಹಾಯಧನ ಲಭ್ಯವಿದೆ. ಹನಿ ನೀರಾವರಿ ಯೋಜನೆಯಡಿ ತೋಟಗಾರಿಕೆ ಬೆಳೆಗಾರರಿಗೆ ಶೇ.90 ರಷ್ಟು ಸಹಾಯಧನ ನೀಡಲಾಗುವುದು. ಆಸಕ್ತ ರೈತರು ಪಹಣಿ ಪತ್ರಿಕೆ, ಆಧಾರ್ ಕಾರ್ಡ್, ಬ್ಯಾಂಕ್ ಪಾಸ್ ಪುಸ್ತಕ, ಭಾವಚಿತ್ರದೊಂದಿಗೆ ಜುಲೈ 15 ರೊಳಗೆ ಅರ್ಜಿ ಸಲ್ಲಿಸಬಹುದು. ಹೆಚ್ಚಿನ ಮಾಹಿತಿಗಾಗಿ ಹಿರಿಯ ಸಹಾಯಕ ತೋಟಗಾರಿಕೆ ನಿರ್ದೇಶಕರು, ಹುಬ್ಬಳ್ಳಿ (ಮೊ.9740148868) ಅಥವಾ ಸಹಾಯಕ ತೋಟಗಾರಿಕೆ ಅಧಿಕಾರಿ (ಮೊ.9164126426) ಹಾಗೂ ರೈತ ಸಂಪರ್ಕ ಕೇಂದ್ರ (ಮೊ.9663474155) ಸಂಪರ್ಕಿಸಬಹುದು ಎಂದು ಹಿರಿಯ ಸಹಾಯಕ ತೋಟಗಾರಿಕೆ ನಿರ್ದೇಶಕರು ಪ್ರಕಟಣೆಯಲ್ಲಿ ತಿಳಿಸಿದ್ದಾರೆ.

ಶ್ರೀ ಪಂಚಪ್ಪ ಗೋಮಾಡಿ ನಿಧನ
(ಹಸಿರುಕ್ರಾಂತಿ ವರದಿ)

ಮುಂಡರಗಿ,ಜು.01: ಪಟ್ಟಣದ ಹಿರಿಯರಾದ ಶ್ರೀ ಪಂಚಪ್ಪ ಗೋಮಾಡಿ (85) ಸೋಮವಾರ ನಿಧನರಾದರು. ಮೃತರಿಗೆ ಪತ್ನಿ, ಪುತ್ರ, ಪುತ್ರಿಯರು ಹಾಗೂ ಅಪಾರ ಬಂಧುಬಳಗ ಇದೆ.

ಕ್ರಿಮಿನಲ್ ಮಿಸಲೇನಿಯಸ್ ನಂ.28/2024
ಮೆ|| ನೇ ಹೆಚ್ಚುವರಿ ಜೆ.ಎಮ್.ಎಫ್.ಸಿ.
ನ್ಯಾಯಾಲಯ ಸಂಕೇಶ್ವರ ಇವರ ನ್ಯಾಯಾಲಯದಲ್ಲಿ
ಜಾಹೀರ ನೋಟೀಸ್

ಶ್ರೀ ಅಜೀತ ರಾಜಪ್ಪ ವಡ್ಡರ ಮತ್ತು ಇತರರು ... ಅರ್ಜಿದಾರರು. ವಿರುದ್ಧ 1. ಮೆ|| ತಹಶೀಲ್ದಾರ ಸಾಹೇಬರು ಹುಕ್ಕೇರಿ (ಜನನ ಮತ್ತು ಮರಣ ನೋಂದಣಿ ವಿಭಾಗ) ... ಎದುರುದಾರರು. ಸದರಿ ಪ್ರಕರಣದ ಅರ್ಜಿದಾರರ ತಂದೆಯವರಾದ ಶ್ರೀ ರಾಜಪ್ಪ ವಡ್ಡರ ಇವರು ದಿನಾಂಕ 17/12/2018 ರಂದು ಹುಕ್ಕೇರಿ ತಾಲೂಕಿನಲ್ಲಿ ಮರಣ ಹೊಂದಿದ್ದು, ಸದರಿಯವರ ಮರಣ ಪ್ರಮಾಣ ಪತ್ರ ನೀಡಲು ನಿರ್ದೇಶಿಸುವಂತೆ ಅರ್ಜಿ ಸಲ್ಲಿಸಿರುತ್ತಾರೆ. ಸದರಿ ಅರ್ಜಿಗೆ ಯಾರದಾದರೂ ತಕರಾರು ಇದ್ದಲ್ಲಿ ದಿನಾಂಕ 07/08/2024 ರಂದು ಮುಂಜಾನೆ 11:00 ಗಂಟೆಗೆ ನ್ಯಾಯಾಲಯದಲ್ಲಿ ಖುದ್ದಾಗಿ ಅಥವಾ ವಕೀಲರ ಮುಖಾಂತರ ಹಾಜರಾಗಿ ತಕರಾರು ಸಲ್ಲಿಸಬಹುದು. ತಪ್ಪಿದಲ್ಲಿ ಏಕಪಕ್ಷೀಯವಾಗಿ ಆದೇಶ ಮಾಡಲಾಗುವುದು. ಈ ದಿನ ದಿ: 25/06/2024 ರಂದು ಹೊರಡಿಸಲಾಗಿದೆ.

ಶ್ರೀ ಅಜೀತ ರಾಜಪ್ಪ ವಡ್ಡರ ಮತ್ತು ಇತರರು ... ಅರ್ಜಿದಾರರು. ವಿರುದ್ಧ 1. ಮೆ|| ತಹಶೀಲ್ದಾರ ಸಾಹೇಬರು ಹುಕ್ಕೇರಿ (ಜನನ ಮತ್ತು ಮರಣ ನೋಂದಣಿ ವಿಭಾಗ) ... ಎದುರುದಾರರು. ಸದರಿ ಪ್ರಕರಣದ ಅರ್ಜಿದಾರರ ತಂದೆಯವರಾದ ಶ್ರೀ ರಾಜಪ್ಪ ವಡ್ಡರ ಇವರು ದಿನಾಂಕ 17/12/2018 ರಂದು ಹುಕ್ಕೇರಿ ತಾಲೂಕಿನಲ್ಲಿ ಮರಣ ಹೊಂದಿದ್ದು, ಸದರಿಯವರ ಮರಣ ಪ್ರಮಾಣ ಪತ್ರ ನೀಡಲು ನಿರ್ದೇಶಿಸುವಂತೆ ಅರ್ಜಿ ಸಲ್ಲಿಸಿರುತ್ತಾರೆ. ಸದರಿ ಅರ್ಜಿಗೆ ಯಾರದಾದರೂ ತಕರಾರು ಇದ್ದಲ್ಲಿ ದಿನಾಂಕ 07/08/2024 ರಂದು ಮುಂಜಾನೆ 11:00 ಗಂಟೆಗೆ ನ್ಯಾಯಾಲಯದಲ್ಲಿ ಖುದ್ದಾಗಿ ಅಥವಾ ವಕೀಲರ ಮುಖಾಂತರ ಹಾಜರಾಗಿ ತಕರಾರು ಸಲ್ಲಿಸಬಹುದು. ತಪ್ಪಿದಲ್ಲಿ ಏಕಪಕ್ಷೀಯವಾಗಿ ಆದೇಶ ಮಾಡಲಾಗುವುದು. ಈ ದಿನ ದಿ: 25/06/2024 ರಂದು ಹೊರಡಿಸಲಾಗಿದೆ.

ಸಹಿ/-ನ್ಯಾಯಾಲಯದ ಆದೇಶದ ಮೇರೆಗೆ	ಸಹಿ/- ಶಿರಸ್ತೇದಾರರು (ಆಡಳಿತ), ಮೆ|| ದಿವಾಣಿ ನ್ಯಾಯಾಲಯ ಸಂಕೇಶ್ವರ
ಕ್ರಿಮಿನಲ್ ಮಿಸಲೇನಿಯಸ್ ನಂ.117/2024
ಮೆ|| ಪ್ರಧಾನ ಪ್ರಥಮ ದರ್ಜೆ ನ್ಯಾಯಿಕ ದಂಡಾಧಿಕಾರಿಗಳವರ
ನ್ಯಾಯಾಲಯ ಸಂಕೇಶ್ವರ ಸ್ಥಳ : ಸಂಕೇಶ್ವರ

1. ಶ್ರೀ. ಸುರೇಶ ಆಡಿವೆಪ್ಪ ಕೋಳಿ ... ಅರ್ಜಿದಾರ. ವಿರುದ್ಧ 1. ಮೆ|| ಜನನ ಮತ್ತು ಮರಣ ನೋಂದಣಿ ಅಧಿಕಾರಿಗಳು ಪುರಸಭೆ ಸಂಕೇಶ್ವರ, ತಾ|| ಹುಕ್ಕೇರಿ ... ಎದುರುದಾರರು. ಮೇಲ್ಕಾಣಿಸಿದ ಅರ್ಜಿದಾರನ ತಾಯಿಯಾದ ಶ್ರೀಮತಿ ಇವರು ದಿನಾಂಕ 11/02/1995 ರಂದು ಸಂಕೇಶ್ವರದಲ್ಲಿ ಮರಣ ಹೊಂದಿದ್ದು, ಸದರಿ ಮರಣವನ್ನು ಸಂಬಂಧಿಸಿದ ಕಚೇರಿಯಲ್ಲಿ ನೋಂದಣಿ ಮಾಡಿರುವುದಿಲ್ಲ. ಸದರಿ ಮರಣದ ನೋಂದಣಿ ಮಾಡಲು ಆದೇಶ ನೀಡಬೇಕೆಂದು ಅರ್ಜಿ ಸಲ್ಲಿಸಿರುತ್ತಾರೆ. ಸದರಿ ಅರ್ಜಿಯ ವಿಚಾರಣೆಯನ್ನು ದಿನಾಂಕ 2/8/2024 ರಂದು ಮುಂಜಾನೆ 10-30 ಗಂಟೆಗೆ ಇಟ್ಟಿದ್ದು, ಯಾರದಾದರೂ ತಕರಾರು ಇದ್ದಲ್ಲಿ ಖುದ್ದಾಗಿ ಅಥವಾ ವಕೀಲರ ಮುಖಾಂತರ ಹಾಜರಾಗಬಹುದು.

: ಸಾರ್ವಜನಿಕ ನೋಟೀಸು :

1. ಶ್ರೀ. ಸುರೇಶ ಆಡಿವೆಪ್ಪ ಕೋಳಿ ... ಅರ್ಜಿದಾರ. ವಿರುದ್ಧ 1. ಮೆ|| ಜನನ ಮತ್ತು ಮರಣ ನೋಂದಣಿ ಅಧಿಕಾರಿಗಳು ಪುರಸಭೆ ಸಂಕೇಶ್ವರ, ತಾ|| ಹುಕ್ಕೇರಿ ... ಎದುರುದಾರರು. ಮೇಲ್ಕಾಣಿಸಿದ ಅರ್ಜಿದಾರನ ತಾಯಿಯಾದ ಶ್ರೀಮತಿ ಇವರು ದಿನಾಂಕ 11/02/1995 ರಂದು ಸಂಕೇಶ್ವರದಲ್ಲಿ ಮರಣ ಹೊಂದಿದ್ದು, ಸದರಿ ಮರಣವನ್ನು ಸಂಬಂಧಿಸಿದ ಕಚೇರಿಯಲ್ಲಿ ನೋಂದಣಿ ಮಾಡಿರುವುದಿಲ್ಲ. ಸದರಿ ಮರಣದ ನೋಂದಣಿ ಮಾಡಲು ಆದೇಶ ನೀಡಬೇಕೆಂದು ಅರ್ಜಿ ಸಲ್ಲಿಸಿರುತ್ತಾರೆ. ಸದರಿ ಅರ್ಜಿಯ ವಿಚಾರಣೆಯನ್ನು ದಿನಾಂಕ 2/8/2024 ರಂದು ಮುಂಜಾನೆ 10-30 ಗಂಟೆಗೆ ಇಟ್ಟಿದ್ದು, ಯಾರದಾದರೂ ತಕರಾರು ಇದ್ದಲ್ಲಿ ಖುದ್ದಾಗಿ ಅಥವಾ ವಕೀಲರ ಮುಖಾಂತರ ಹಾಜರಾಗಬಹುದು. ತಪ್ಪಿದಲ್ಲಿ ಕಾನೂನು ಪ್ರಕಾರ ಮುಂದಿನ ಕ್ರಮ ಕೈಗೊಳ್ಳಲಾಗುವುದು. ಸದರಿ ನೋಟೀಸನ್ನು ದಿನಾಂಕ 28/06/2024 ರಂದು ಸಹಿ ಮತ್ತು ಮುದ್ರೆಯೊಂದಿಗೆ ನೀಡಲಾಗಿದೆ.

ಸಹಿ/- ನ್ಯಾಯಾಲಯದ ಆದೇಶದ ಮೇರೆಗೆ	ಸಹಿ/- ಶಿರಸ್ತೇದಾರರು, ಮೆ|| ಪ್ರಧಾನ ಪ್ರಥಮ ದರ್ಜೆ ನ್ಯಾಯಿಕ ದಂಡಾಧಿಕಾರಿಗಳು ಸಂಕೇಶ್ವರ
